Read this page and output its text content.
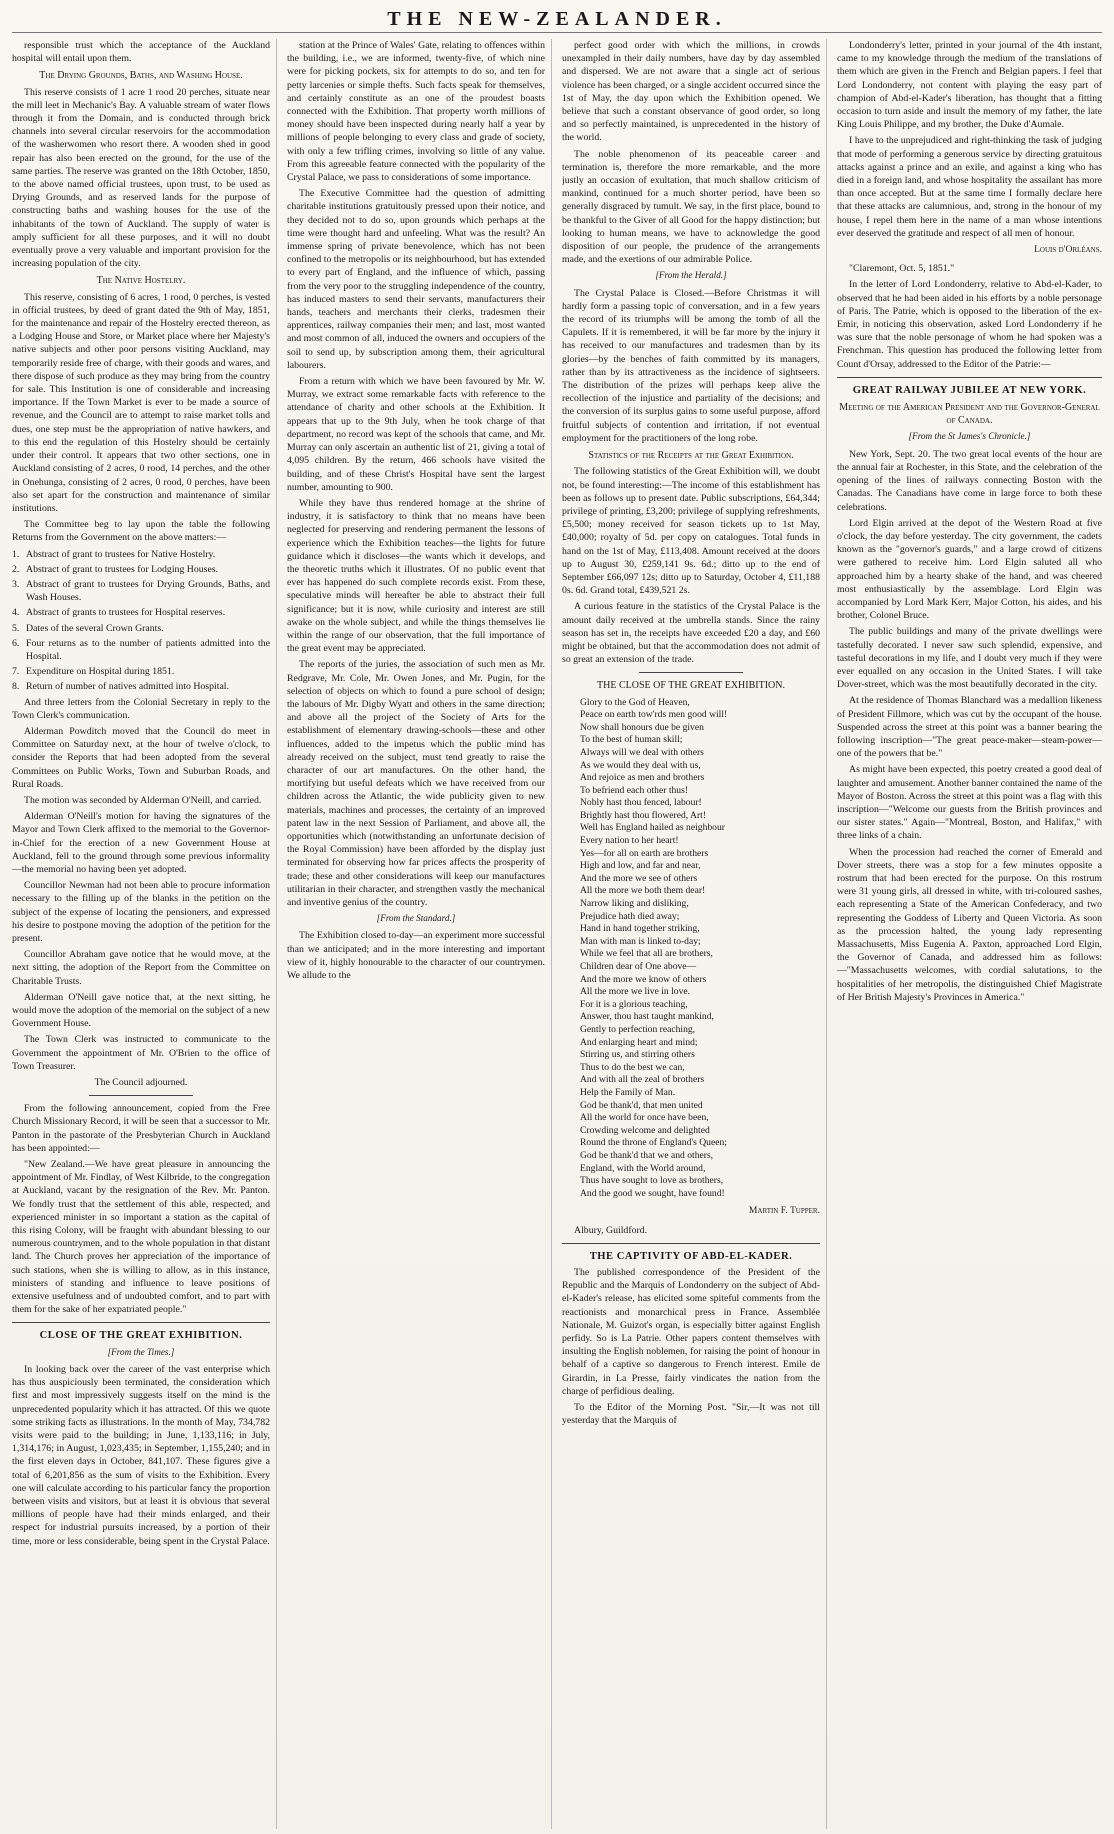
THE NEW-ZEALANDER.

responsible trust which the acceptance of the Auckland hospital will entail upon them.

The Drying Grounds, Baths, and Washing House.

This reserve consists of 1 acre 1 rood 20 perches, situate near the mill leet in Mechanic's Bay. A valuable stream of water flows through it from the Domain, and is conducted through brick channels into several circular reservoirs for the accommodation of the washerwomen who resort there. A wooden shed in good repair has also been erected on the ground, for the use of the same parties. The reserve was granted on the 18th October, 1850, to the above named official trustees, upon trust, to be used as Drying Grounds, and as reserved lands for the purpose of constructing baths and washing houses for the use of the inhabitants of the town of Auckland. The supply of water is amply sufficient for all these purposes, and it will no doubt eventually prove a very valuable and important provision for the increasing population of the city.

The Native Hostelry.

This reserve, consisting of 6 acres, 1 rood, 0 perches, is vested in official trustees, by deed of grant dated the 9th of May, 1851, for the maintenance and repair of the Hostelry erected thereon, as a Lodging House and Store, or Market place where her Majesty's native subjects and other poor persons visiting Auckland, may temporarily reside free of charge, with their goods and wares, and there dispose of such produce as they may bring from the country for sale. This Institution is one of considerable and increasing importance. If the Town Market is ever to be made a source of revenue, and the Council are to attempt to raise market tolls and dues, one step must be the appropriation of native hawkers, and to this end the regulation of this Hostelry should be certainly under their control. It appears that two other sections, one in Auckland consisting of 2 acres, 0 rood, 14 perches, and the other in Onehunga, consisting of 2 acres, 0 rood, 0 perches, have been also set apart for the construction and maintenance of similar institutions.

The Committee beg to lay upon the table the following Returns from the Government on the above matters:—

1. Abstract of grant to trustees for Native Hostelry.

2. Abstract of grant to trustees for Lodging Houses.

3. Abstract of grant to trustees for Drying Grounds, Baths, and Wash Houses.

4. Abstract of grants to trustees for Hospital reserves.

5. Dates of the several Crown Grants.

6. Four returns as to the number of patients admitted into the Hospital.

7. Expenditure on Hospital during 1851.

8. Return of number of natives admitted into Hospital.

And three letters from the Colonial Secretary in reply to the Town Clerk's communication.

Alderman Powditch moved that the Council do meet in Committee on Saturday next, at the hour of twelve o'clock, to consider the Reports that had been adopted from the several Committees on Public Works, Town and Suburban Roads, and Rural Roads.

The motion was seconded by Alderman O'Neill, and carried.

Alderman O'Neill's motion for having the signatures of the Mayor and Town Clerk affixed to the memorial to the Governor-in-Chief for the erection of a new Government House at Auckland, fell to the ground through some previous informality—the memorial no having been yet adopted.

Councillor Newman had not been able to procure information necessary to the filling up of the blanks in the petition on the subject of the expense of locating the pensioners, and expressed his desire to postpone moving the adoption of the petition for the present.

Councillor Abraham gave notice that he would move, at the next sitting, the adoption of the Report from the Committee on Charitable Trusts.

Alderman O'Neill gave notice that, at the next sitting, he would move the adoption of the memorial on the subject of a new Government House.

The Town Clerk was instructed to communicate to the Government the appointment of Mr. O'Brien to the office of Town Treasurer.

The Council adjourned.

From the following announcement, copied from the Free Church Missionary Record, it will be seen that a successor to Mr. Panton in the pastorate of the Presbyterian Church in Auckland has been appointed:—

"New Zealand.—We have great pleasure in announcing the appointment of Mr. Findlay, of West Kilbride, to the congregation at Auckland, vacant by the resignation of the Rev. Mr. Panton. We fondly trust that the settlement of this able, respected, and experienced minister in so important a station as the capital of this rising Colony, will be fraught with abundant blessing to our numerous countrymen, and to the whole population in that distant land. The Church proves her appreciation of the importance of such stations, when she is willing to allow, as in this instance, ministers of standing and influence to leave positions of extensive usefulness and of undoubted comfort, and to part with them for the sake of her expatriated people."

CLOSE OF THE GREAT EXHIBITION.
[From the Times.]

In looking back over the career of the vast enterprise which has thus auspiciously been terminated, the consideration which first and most impressively suggests itself on the mind is the unprecedented popularity which it has attracted. Of this we quote some striking facts as illustrations. In the month of May, 734,782 visits were paid to the building; in June, 1,133,116; in July, 1,314,176; in August, 1,023,435; in September, 1,155,240; and in the first eleven days in October, 841,107. These figures give a total of 6,201,856 as the sum of visits to the Exhibition. Every one will calculate according to his particular fancy the proportion between visits and visitors, but at least it is obvious that several millions of people have had their minds enlarged, and their respect for industrial pursuits increased, by a portion of their time, more or less considerable, being spent in the Crystal Palace.

station at the Prince of Wales' Gate, relating to offences within the building, i.e., we are informed, twenty-five, of which nine were for picking pockets, six for attempts to do so, and ten for petty larcenies or simple thefts. Such facts speak for themselves, and certainly constitute as an one of the proudest boasts connected with the Exhibition. That property worth millions of money should have been inspected during nearly half a year by millions of people belonging to every class and grade of society, with only a few trifling crimes, involving so little of any value. From this agreeable feature connected with the popularity of the Crystal Palace, we pass to considerations of some importance.

The Executive Committee had the question of admitting charitable institutions gratuitously pressed upon their notice, and they decided not to do so, upon grounds which perhaps at the time were thought hard and unfeeling. What was the result? An immense spring of private benevolence, which has not been confined to the metropolis or its neighbourhood, but has extended to every part of England, and the influence of which, passing from the very poor to the struggling independence of the country, has induced masters to send their servants, manufacturers their hands, teachers and merchants their clerks, tradesmen their apprentices, railway companies their men; and last, most wanted and most common of all, induced the owners and occupiers of the soil to send up, by subscription among them, their agricultural labourers.

From a return with which we have been favoured by Mr. W. Murray, we extract some remarkable facts with reference to the attendance of charity and other schools at the Exhibition. It appears that up to the 9th July, when he took charge of that department, no record was kept of the schools that came, and Mr. Murray can only ascertain an authentic list of 21, giving a total of 4,095 children. By the return, 466 schools have visited the building, and of these Christ's Hospital have sent the largest number, amounting to 900.

While they have thus rendered homage at the shrine of industry, it is satisfactory to think that no means have been neglected for preserving and rendering permanent the lessons of experience which the Exhibition teaches—the lights for future guidance which it discloses—the wants which it develops, and the theoretic truths which it illustrates. Of no public event that ever has happened do such complete records exist. From these, speculative minds will hereafter be able to abstract their full significance; but it is now, while curiosity and interest are still awake on the whole subject, and while the things themselves lie within the range of our observation, that the full importance of the great event may be appreciated.

The reports of the juries, the association of such men as Mr. Redgrave, Mr. Cole, Mr. Owen Jones, and Mr. Pugin, for the selection of objects on which to found a pure school of design; the labours of Mr. Digby Wyatt and others in the same direction; and above all the project of the Society of Arts for the establishment of elementary drawing-schools—these and other influences, added to the impetus which the public mind has already received on the subject, must tend greatly to raise the character of our art manufactures. On the other hand, the mortifying but useful defeats which we have received from our children across the Atlantic, the wide publicity given to new materials, machines and processes, the certainty of an improved patent law in the next Session of Parliament, and above all, the opportunities which (notwithstanding an unfortunate decision of the Royal Commission) have been afforded by the display just terminated for observing how far prices affects the prosperity of trade; these and other considerations will keep our manufactures utilitarian in their character, and strengthen vastly the mechanical and inventive genius of the country.

[From the Standard.]

The Exhibition closed to-day—an experiment more successful than we anticipated; and in the more interesting and important view of it, highly honourable to the character of our countrymen. We allude to the

perfect good order with which the millions, in crowds unexampled in their daily numbers, have day by day assembled and dispersed. We are not aware that a single act of serious violence has been charged, or a single accident occurred since the 1st of May, the day upon which the Exhibition opened. We believe that such a constant observance of good order, so long and so perfectly maintained, is unprecedented in the history of the world.

The noble phenomenon of its peaceable career and termination is, therefore the more remarkable, and the more justly an occasion of exultation, that much shallow criticism of mankind, continued for a much shorter period, have been so generally disgraced by tumult. We say, in the first place, bound to be thankful to the Giver of all Good for the happy distinction; but looking to human means, we have to acknowledge the good disposition of our people, the prudence of the arrangements made, and the exertions of our admirable Police.

[From the Herald.]

The Crystal Palace is Closed.—Before Christmas it will hardly form a passing topic of conversation, and in a few years the record of its triumphs will be among the tomb of all the Capulets. If it is remembered, it will be far more by the injury it has received to our manufactures and tradesmen than by its glories—by the benches of faith committed by its managers, rather than by its attractiveness as the incidence of sightseers. The distribution of the prizes will perhaps keep alive the recollection of the injustice and partiality of the decisions; and the conversion of its surplus gains to some useful purpose, afford fruitful subjects of contention and irritation, if not eventual employment for the practitioners of the long robe.

Statistics of the Receipts at the Great Exhibition.

The following statistics of the Great Exhibition will, we doubt not, be found interesting:—The income of this establishment has been as follows up to present date. Public subscriptions, £64,344; privilege of printing, £3,200; privilege of supplying refreshments, £5,500; money received for season tickets up to 1st May, £40,000; royalty of 5d. per copy on catalogues. Total funds in hand on the 1st of May, £113,408. Amount received at the doors up to August 30, £259,141 9s. 6d.; ditto up to the end of September £66,097 12s; ditto up to Saturday, October 4, £11,188 0s. 6d. Grand total, £439,521 2s.

A curious feature in the statistics of the Crystal Palace is the amount daily received at the umbrella stands. Since the rainy season has set in, the receipts have exceeded £20 a day, and £60 might be obtained, but that the accommodation does not admit of so great an extension of the trade.

THE CLOSE OF THE GREAT EXHIBITION.
Glory to the God of Heaven,
Peace on earth tow'rds men good will!
Now shall honours due be given
To the best of human skill;
Always will we deal with others
As we would they deal with us,
And rejoice as men and brothers
To befriend each other thus!
Nobly hast thou fenced, labour!
Brightly hast thou flowered, Art!
Well has England hailed as neighbour
Every nation to her heart!
Yes—for all on earth are brothers
High and low, and far and near,
And the more we see of others
All the more we both them dear!
Narrow liking and disliking,
Prejudice hath died away;
Hand in hand together striking,
Man with man is linked to-day;
While we feel that all are brothers,
Children dear of One above—
And the more we know of others
All the more we live in love.
For it is a glorious teaching,
Answer, thou hast taught mankind,
Gently to perfection reaching,
And enlarging heart and mind;
Stirring us, and stirring others
Thus to do the best we can,
And with all the zeal of brothers
Help the Family of Man.
God be thank'd, that men united
All the world for once have been,
Crowding welcome and delighted
Round the throne of England's Queen;
God be thank'd that we and others,
England, with the World around,
Thus have sought to love as brothers,
And the good we sought, have found!
Martin F. Tupper.

Albury, Guildford.

THE CAPTIVITY OF ABD-EL-KADER.

The published correspondence of the President of the Republic and the Marquis of Londonderry on the subject of Abd-el-Kader's release, has elicited some spiteful comments from the reactionists and monarchical press in France. Assemblée Nationale, M. Guizot's organ, is especially bitter against English perfidy. So is La Patrie. Other papers content themselves with insulting the English noblemen, for raising the point of honour in behalf of a captive so dangerous to French interest. Emile de Girardin, in La Presse, fairly vindicates the nation from the charge of perfidious dealing.

To the Editor of the Morning Post. "Sir,—It was not till yesterday that the Marquis of

Londonderry's letter, printed in your journal of the 4th instant, came to my knowledge through the medium of the translations of them which are given in the French and Belgian papers. I feel that Lord Londonderry, not content with playing the easy part of champion of Abd-el-Kader's liberation, has thought that a fitting occasion to turn aside and insult the memory of my father, the late King Louis Philippe, and my brother, the Duke d'Aumale.

I have to the unprejudiced and right-thinking the task of judging that mode of performing a generous service by directing gratuitous attacks against a prince and an exile, and against a king who has died in a foreign land, and whose hospitality the assailant has more than once accepted. But at the same time I formally declare here that these attacks are calumnious, and, strong in the honour of my house, I repel them here in the name of a man whose intentions ever deserved the gratitude and respect of all men of honour.

Louis d'Orléans.

"Claremont, Oct. 5, 1851."

In the letter of Lord Londonderry, relative to Abd-el-Kader, to observed that he had been aided in his efforts by a noble personage of Paris. The Patrie, which is opposed to the liberation of the ex-Emir, in noticing this observation, asked Lord Londonderry if he was sure that the noble personage of whom he had spoken was a Frenchman. This question has produced the following letter from Count d'Orsay, addressed to the Editor of the Patrie:—

GREAT RAILWAY JUBILEE AT NEW YORK.
Meeting of the American President and the Governor-General of Canada.
[From the St James's Chronicle.]

New York, Sept. 20. The two great local events of the hour are the annual fair at Rochester, in this State, and the celebration of the opening of the lines of railways connecting Boston with the Canadas. The Canadians have come in large force to both these celebrations.

Lord Elgin arrived at the depot of the Western Road at five o'clock, the day before yesterday. The city government, the cadets known as the "governor's guards," and a large crowd of citizens were gathered to receive him. Lord Elgin saluted all who approached him by a hearty shake of the hand, and was cheered most enthusiastically by the assemblage. Lord Elgin was accompanied by Lord Mark Kerr, Major Cotton, his aides, and his brother, Colonel Bruce.

The public buildings and many of the private dwellings were tastefully decorated. I never saw such splendid, expensive, and tasteful decorations in my life, and I doubt very much if they were ever equalled on any occasion in the United States. I will take Dover-street, which was the most beautifully decorated in the city.

At the residence of Thomas Blanchard was a medallion likeness of President Fillmore, which was cut by the occupant of the house. Suspended across the street at this point was a banner bearing the following inscription—"The great peace-maker—steam-power—one of the powers that be."

As might have been expected, this poetry created a good deal of laughter and amusement. Another banner contained the name of the Mayor of Boston. Across the street at this point was a flag with this inscription—"Welcome our guests from the British provinces and our sister states." Again—"Montreal, Boston, and Halifax," with three links of a chain.

When the procession had reached the corner of Emerald and Dover streets, there was a stop for a few minutes opposite a rostrum that had been erected for the purpose. On this rostrum were 31 young girls, all dressed in white, with tri-coloured sashes, each representing a State of the American Confederacy, and two representing the Goddess of Liberty and Queen Victoria. As soon as the procession halted, the young lady representing Massachusetts, Miss Eugenia A. Paxton, approached Lord Elgin, the Governor of Canada, and addressed him as follows:—"Massachusetts welcomes, with cordial salutations, to the hospitalities of her metropolis, the distinguished Chief Magistrate of Her British Majesty's Provinces in America."
